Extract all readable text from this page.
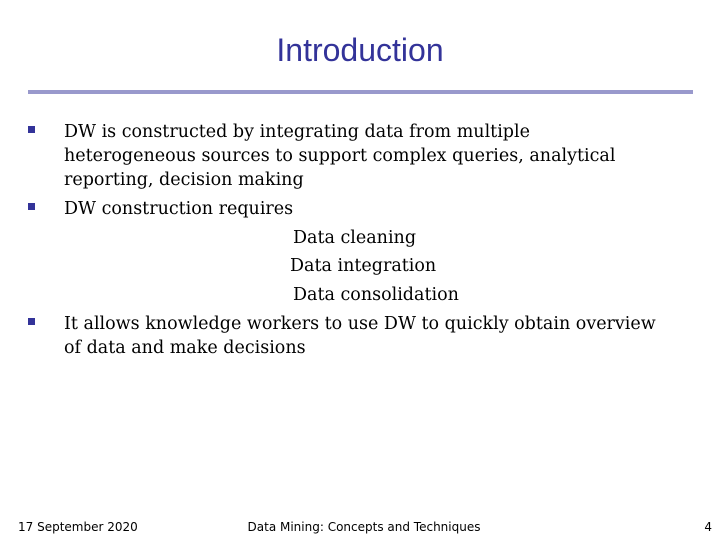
Introduction
DW is constructed by integrating data from multiple heterogeneous sources to support complex queries, analytical reporting, decision making
DW construction requires
Data cleaning
Data integration
Data consolidation
It allows knowledge workers to use DW to quickly obtain overview of data and make decisions
17 September 2020	Data Mining: Concepts and Techniques	4
